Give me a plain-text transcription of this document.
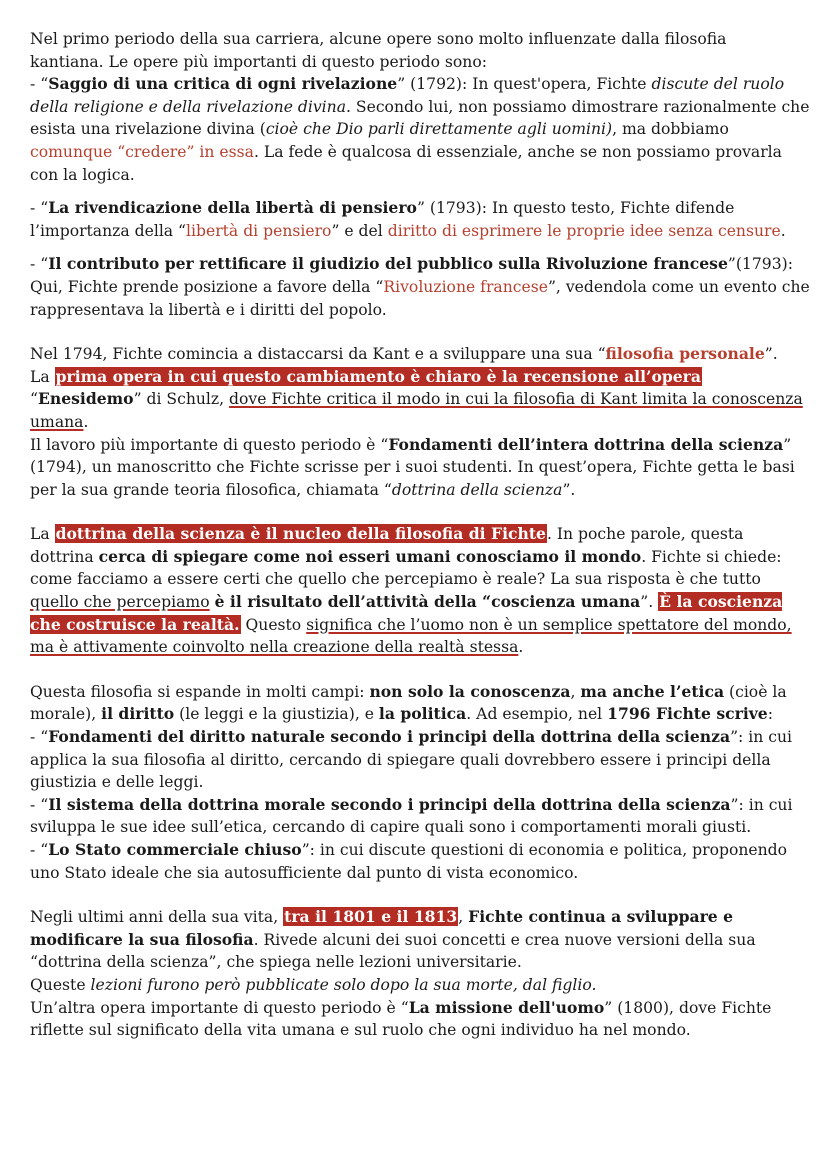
Nel primo periodo della sua carriera, alcune opere sono molto influenzate dalla filosofia
kantiana. Le opere più importanti di questo periodo sono:
- “Saggio di una critica di ogni rivelazione” (1792): In quest'opera, Fichte discute del ruolo della religione e della rivelazione divina. Secondo lui, non possiamo dimostrare razionalmente che esista una rivelazione divina (cioè che Dio parli direttamente agli uomini), ma dobbiamo comunque “credere” in essa. La fede è qualcosa di essenziale, anche se non possiamo provarla con la logica.

- “La rivendicazione della libertà di pensiero” (1793): In questo testo, Fichte difende l’importanza della “libertà di pensiero” e del diritto di esprimere le proprie idee senza censure.

- “Il contributo per rettificare il giudizio del pubblico sulla Rivoluzione francese”(1793): Qui, Fichte prende posizione a favore della “Rivoluzione francese”, vedendola come un evento che rappresentava la libertà e i diritti del popolo.

Nel 1794, Fichte comincia a distaccarsi da Kant e a sviluppare una sua “filosofia personale”.
La prima opera in cui questo cambiamento è chiaro è la recensione all’opera
“Enesidemo” di Schulz, dove Fichte critica il modo in cui la filosofia di Kant limita la conoscenza umana.
Il lavoro più importante di questo periodo è “Fondamenti dell’intera dottrina della scienza” (1794), un manoscritto che Fichte scrisse per i suoi studenti. In quest’opera, Fichte getta le basi per la sua grande teoria filosofica, chiamata “dottrina della scienza”.

La dottrina della scienza è il nucleo della filosofia di Fichte. In poche parole, questa dottrina cerca di spiegare come noi esseri umani conosciamo il mondo. Fichte si chiede: come facciamo a essere certi che quello che percepiamo è reale? La sua risposta è che tutto quello che percepiamo è il risultato dell’attività della “coscienza umana”. È la coscienza che costruisce la realtà. Questo significa che l’uomo non è un semplice spettatore del mondo, ma è attivamente coinvolto nella creazione della realtà stessa.

Questa filosofia si espande in molti campi: non solo la conoscenza, ma anche l’etica (cioè la morale), il diritto (le leggi e la giustizia), e la politica. Ad esempio, nel 1796 Fichte scrive:
- “Fondamenti del diritto naturale secondo i principi della dottrina della scienza”: in cui applica la sua filosofia al diritto, cercando di spiegare quali dovrebbero essere i principi della giustizia e delle leggi.
- “Il sistema della dottrina morale secondo i principi della dottrina della scienza”: in cui sviluppa le sue idee sull’etica, cercando di capire quali sono i comportamenti morali giusti.
- “Lo Stato commerciale chiuso”: in cui discute questioni di economia e politica, proponendo uno Stato ideale che sia autosufficiente dal punto di vista economico.

Negli ultimi anni della sua vita, tra il 1801 e il 1813, Fichte continua a sviluppare e modificare la sua filosofia. Rivede alcuni dei suoi concetti e crea nuove versioni della sua “dottrina della scienza”, che spiega nelle lezioni universitarie.
Queste lezioni furono però pubblicate solo dopo la sua morte, dal figlio.
Un’altra opera importante di questo periodo è “La missione dell'uomo” (1800), dove Fichte riflette sul significato della vita umana e sul ruolo che ogni individuo ha nel mondo.
